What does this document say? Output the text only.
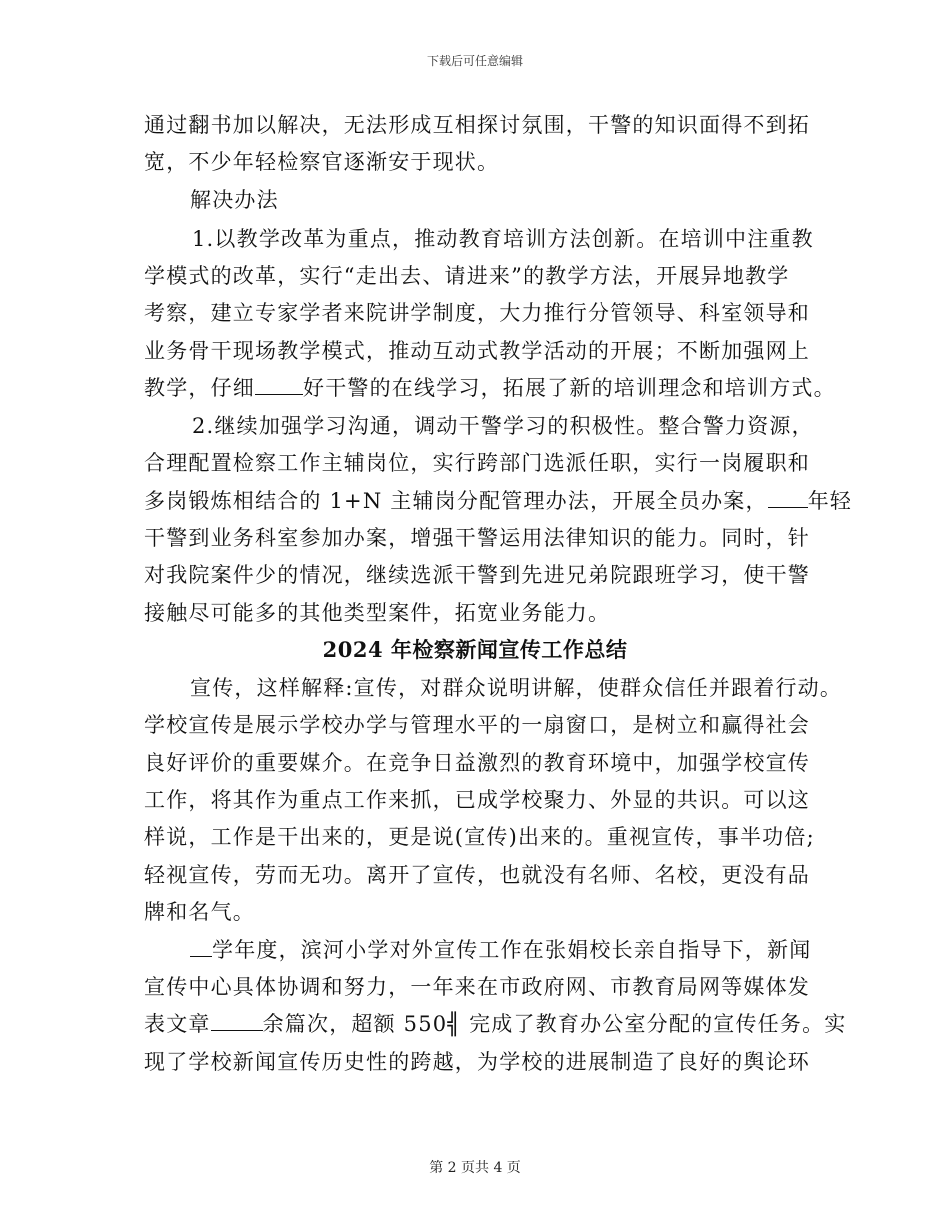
下载后可任意编辑
通过翻书加以解决，无法形成互相探讨氛围，干警的知识面得不到拓
宽，不少年轻检察官逐渐安于现状。
解决办法
1.以教学改革为重点，推动教育培训方法创新。在培训中注重教
学模式的改革，实行“走出去、请进来”的教学方法，开展异地教学
考察，建立专家学者来院讲学制度，大力推行分管领导、科室领导和
业务骨干现场教学模式，推动互动式教学活动的开展；不断加强网上
教学，仔细 好干警的在线学习，拓展了新的培训理念和培训方式。
2.继续加强学习沟通，调动干警学习的积极性。整合警力资源，
合理配置检察工作主辅岗位，实行跨部门选派任职，实行一岗履职和
多岗锻炼相结合的 1+N 主辅岗分配管理办法，开展全员办案， 年轻
干警到业务科室参加办案，增强干警运用法律知识的能力。同时，针
对我院案件少的情况，继续选派干警到先进兄弟院跟班学习，使干警
接触尽可能多的其他类型案件，拓宽业务能力。
2024 年检察新闻宣传工作总结
宣传，这样解释:宣传，对群众说明讲解，使群众信任并跟着行动。
学校宣传是展示学校办学与管理水平的一扇窗口，是树立和赢得社会
良好评价的重要媒介。在竞争日益激烈的教育环境中，加强学校宣传
工作，将其作为重点工作来抓，已成学校聚力、外显的共识。可以这
样说，工作是干出来的，更是说(宣传)出来的。重视宣传，事半功倍;
轻视宣传，劳而无功。离开了宣传，也就没有名师、名校，更没有品
牌和名气。
学年度，滨河小学对外宣传工作在张娟校长亲自指导下，新闻
宣传中心具体协调和努力，一年来在市政府网、市教育局网等媒体发
表文章 余篇次，超额 550╣ 完成了教育办公室分配的宣传任务。实
现了学校新闻宣传历史性的跨越，为学校的进展制造了良好的舆论环
第 2 页共 4 页
